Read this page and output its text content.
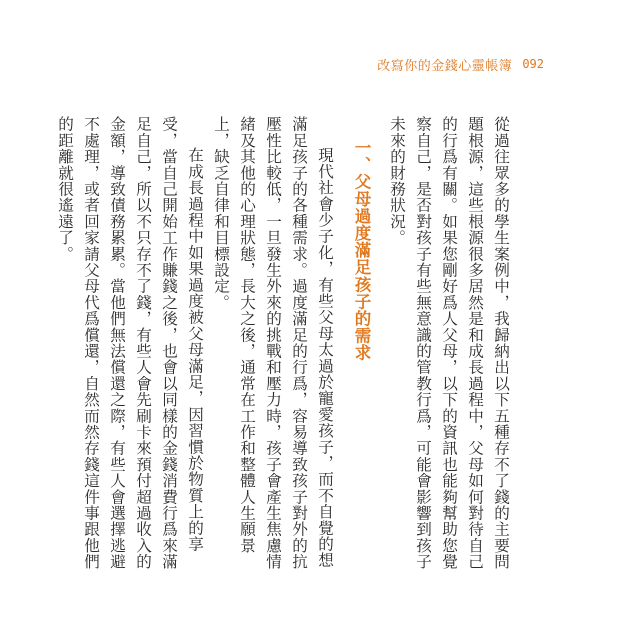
改寫你的金錢心靈帳簿 092

從過往眾多的學生案例中，我歸納出以下五種存不了錢的主要問題根源，這些根源很多居然是和成長過程中，父母如何對待自己的行爲有關。如果您剛好爲人父母，以下的資訊也能夠幫助您覺察自己，是否對孩子有些無意識的管教行爲，可能會影響到孩子未來的財務狀況。

一、父母過度滿足孩子的需求

現代社會少子化，有些父母太過於寵愛孩子，而不自覺的想滿足孩子的各種需求。過度滿足的行爲，容易導致孩子對外的抗壓性比較低，一旦發生外來的挑戰和壓力時，孩子會產生焦慮情緒及其他的心理狀態，長大之後，通常在工作和整體人生願景上，缺乏自律和目標設定。

在成長過程中如果過度被父母滿足，因習慣於物質上的享受，當自己開始工作賺錢之後，也會以同樣的金錢消費行爲來滿足自己，所以不只存不了錢，有些人會先刷卡來預付超過收入的金額，導致債務累累。當他們無法償還之際，有些人會選擇逃避不處理，或者回家請父母代爲償還，自然而然存錢這件事跟他們的距離就很遙遠了。
